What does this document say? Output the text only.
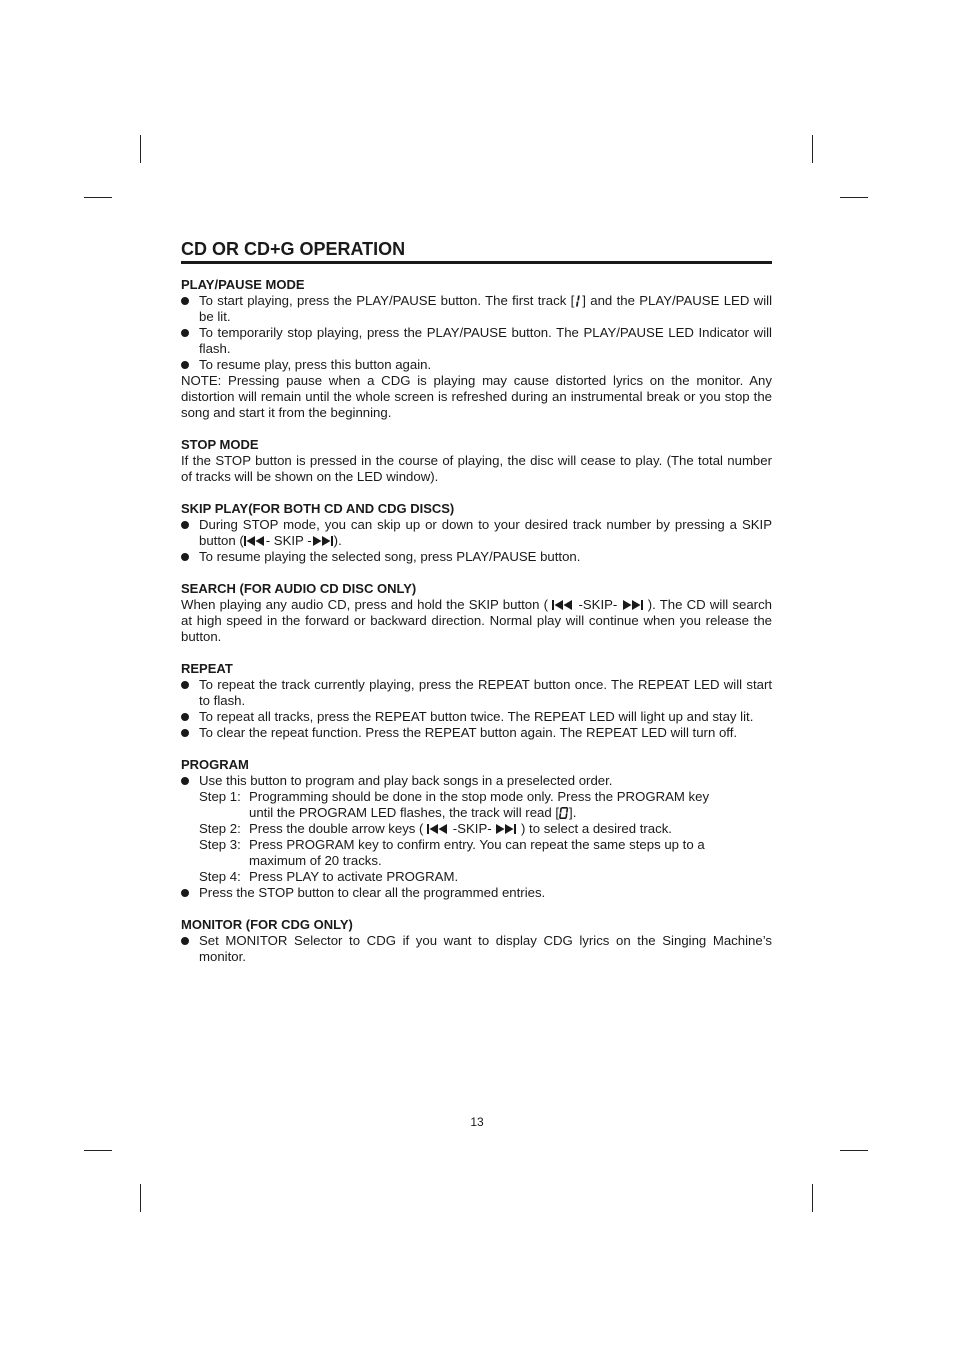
CD OR CD+G OPERATION
PLAY/PAUSE MODE
To start playing, press the PLAY/PAUSE button. The first track [ ] and the PLAY/PAUSE LED will be lit.
To temporarily stop playing, press the PLAY/PAUSE button. The PLAY/PAUSE LED Indicator will flash.
To resume play, press this button again.
NOTE: Pressing pause when a CDG is playing may cause distorted lyrics on the monitor. Any distortion will remain until the whole screen is refreshed during an instrumental break or you stop the song and start it from the beginning.
STOP MODE
If the STOP button is pressed in the course of playing, the disc will cease to play. (The total number of tracks will be shown on the LED window).
SKIP PLAY(FOR BOTH CD AND CDG DISCS)
During STOP mode, you can skip up or down to your desired track number by pressing a SKIP button ( - SKIP - ).
To resume playing the selected song, press PLAY/PAUSE button.
SEARCH (FOR AUDIO CD DISC ONLY)
When playing any audio CD, press and hold the SKIP button ( -SKIP- ). The CD will search at high speed in the forward or backward direction. Normal play will continue when you release the button.
REPEAT
To repeat the track currently playing, press the REPEAT button once. The REPEAT LED will start to flash.
To repeat all tracks, press the REPEAT button twice. The REPEAT LED will light up and stay lit.
To clear the repeat function. Press the REPEAT button again. The REPEAT LED will turn off.
PROGRAM
Use this button to program and play back songs in a preselected order.
Step 1: Programming should be done in the stop mode only. Press the PROGRAM key
until the PROGRAM LED flashes, the track will read [ ].
Step 2: Press the double arrow keys ( -SKIP- ) to select a desired track.
Step 3: Press PROGRAM key to confirm entry. You can repeat the same steps up to a
maximum of 20 tracks.
Step 4: Press PLAY to activate PROGRAM.
Press the STOP button to clear all the programmed entries.
MONITOR (FOR CDG ONLY)
Set MONITOR Selector to CDG if you want to display CDG lyrics on the Singing Machine’s monitor.
13
